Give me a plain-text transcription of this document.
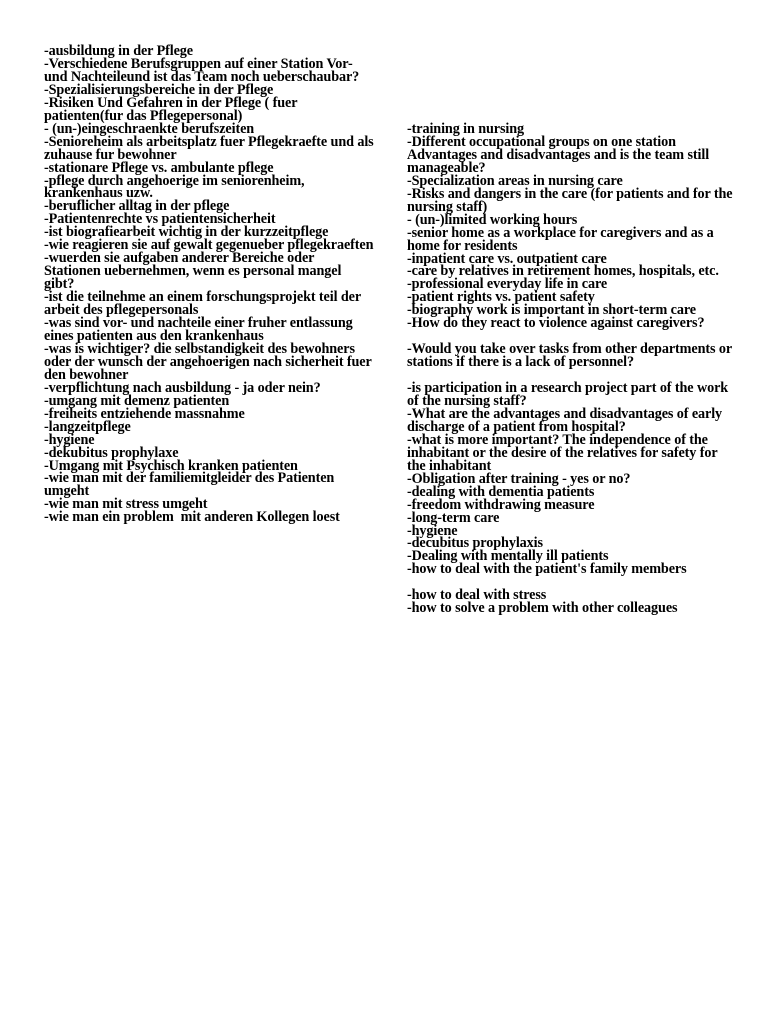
-ausbildung in der Pflege
-Verschiedene Berufsgruppen auf einer Station Vor- und Nachteileund ist das Team noch ueberschaubar?
-Spezialisierungsbereiche in der Pflege
-Risiken Und Gefahren in der Pflege ( fuer patienten(fur das Pflegepersonal)
- (un-)eingeschraenkte berufszeiten
-Senioreheim als arbeitsplatz fuer Pflegekraefte und als zuhause fur bewohner
-stationare Pflege vs. ambulante pflege
-pflege durch angehoerige im seniorenheim, krankenhaus uzw.
-beruflicher alltag in der pflege
-Patientenrechte vs patientensicherheit
-ist biografiearbeit wichtig in der kurzzeitpflege
-wie reagieren sie auf gewalt gegenueber pflegekraeften
-wuerden sie aufgaben anderer Bereiche oder Stationen uebernehmen, wenn es personal mangel gibt?
-ist die teilnehme an einem forschungsprojekt teil der arbeit des pflegepersonals
-was sind vor- und nachteile einer fruher entlassung eines patienten aus den krankenhaus
-was is wichtiger? die selbstandigkeit des bewohners oder der wunsch der angehoerigen nach sicherheit fuer den bewohner
-verpflichtung nach ausbildung - ja oder nein?
-umgang mit demenz patienten
-freiheits entziehende massnahme
-langzeitpflege
-hygiene
-dekubitus prophylaxe
-Umgang mit Psychisch kranken patienten
-wie man mit der familiemitgleider des Patienten umgeht
-wie man mit stress umgeht
-wie man ein problem  mit anderen Kollegen loest
-training in nursing
-Different occupational groups on one station Advantages and disadvantages and is the team still manageable?
-Specialization areas in nursing care
-Risks and dangers in the care (for patients and for the nursing staff)
- (un-)limited working hours
-senior home as a workplace for caregivers and as a home for residents
-inpatient care vs. outpatient care
-care by relatives in retirement homes, hospitals, etc.
-professional everyday life in care
-patient rights vs. patient safety
-biography work is important in short-term care
-How do they react to violence against caregivers?
-Would you take over tasks from other departments or stations if there is a lack of personnel?
-is participation in a research project part of the work of the nursing staff?
-What are the advantages and disadvantages of early discharge of a patient from hospital?
-what is more important? The independence of the inhabitant or the desire of the relatives for safety for the inhabitant
-Obligation after training - yes or no?
-dealing with dementia patients
-freedom withdrawing measure
-long-term care
-hygiene
-decubitus prophylaxis
-Dealing with mentally ill patients
-how to deal with the patient's family members
-how to deal with stress
-how to solve a problem with other colleagues
